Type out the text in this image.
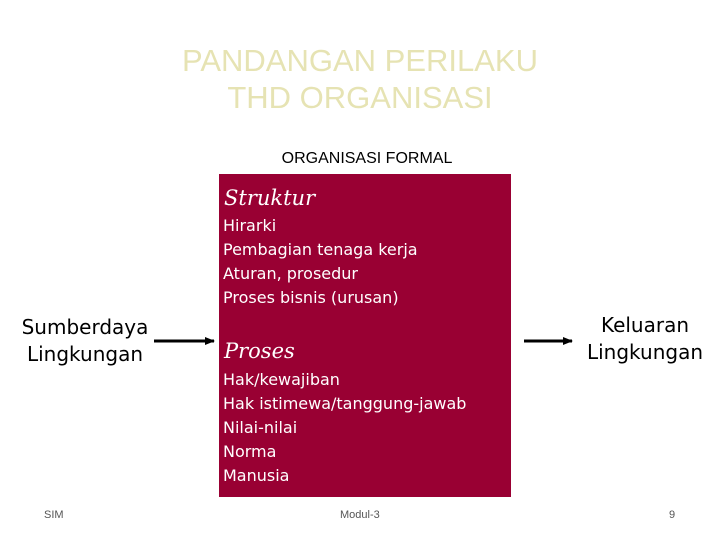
PANDANGAN PERILAKU
THD ORGANISASI
ORGANISASI FORMAL
Struktur
Hirarki
Pembagian tenaga kerja
Aturan, prosedur
Proses bisnis (urusan)
Proses
Hak/kewajiban
Hak istimewa/tanggung-jawab
Nilai-nilai
Norma
Manusia
Sumberdaya
Lingkungan
Keluaran
Lingkungan
SIM	Modul-3	9
